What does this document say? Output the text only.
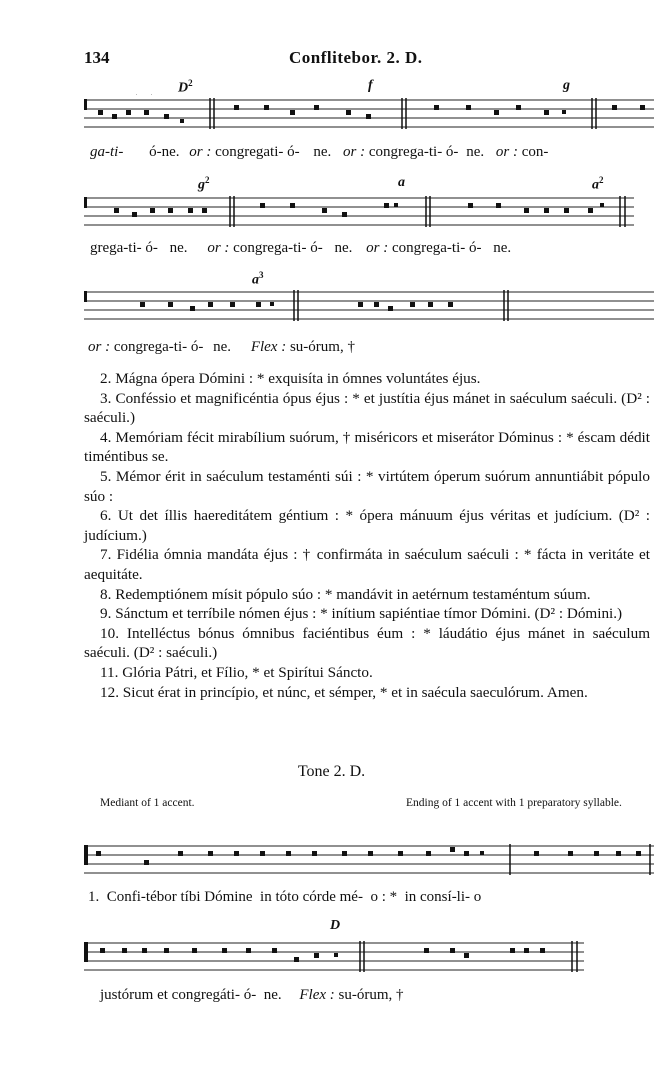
134	Conflitebor. 2. D.
$D^2$	f	g
ga-ti- ó-ne. or : congregati- ó- ne. or : congrega-ti- ó- ne. or : con-
$g^2$	a	$a^2$
grega-ti- ó- ne. or : congrega-ti- ó- ne. or : congrega-ti- ó- ne.
$a^3$
or : congrega-ti- ó- ne. Flex : su-órum, †

2. Mágna ópera Dómini : * exquisíta in ómnes voluntátes éjus.

3. Conféssio et magnificéntia ópus éjus : * et justítia éjus mánet in saéculum saéculi. (D² : saéculi.)

4. Memóriam fécit mirabílium suórum, † miséricors et miserátor Dóminus : * éscam dédit timéntibus se.

5. Mémor érit in saéculum testaménti súi : * virtútem óperum suórum annuntiábit pópulo súo :

6. Ut det íllis haereditátem géntium : * ópera mánuum éjus véritas et judícium. (D² : judícium.)

7. Fidélia ómnia mandáta éjus : † confirmáta in saéculum saéculi : * fácta in veritáte et aequitáte.

8. Redemptiónem mísit pópulo súo : * mandávit in aetérnum testaméntum súum.

9. Sánctum et terríbile nómen éjus : * inítium sapiéntiae tímor Dómini. (D² : Dómini.)

10. Intelléctus bónus ómnibus faciéntibus éum : * láudátio éjus mánet in saéculum saéculi. (D² : saéculi.)

11. Glória Pátri, et Fílio, * et Spirítui Sáncto.

12. Sicut érat in princípio, et núnc, et sémper, * et in saécula saeculórum. Amen.

Tone 2. D.
Mediant of 1 accent.	Ending of 1 accent with 1 preparatory syllable.
1.  Confi-tébor tíbi Dómine  in tóto córde mé-  o : *  in consí-li- o
D
justórum et congregáti- ó-  ne. Flex : su-órum, †
